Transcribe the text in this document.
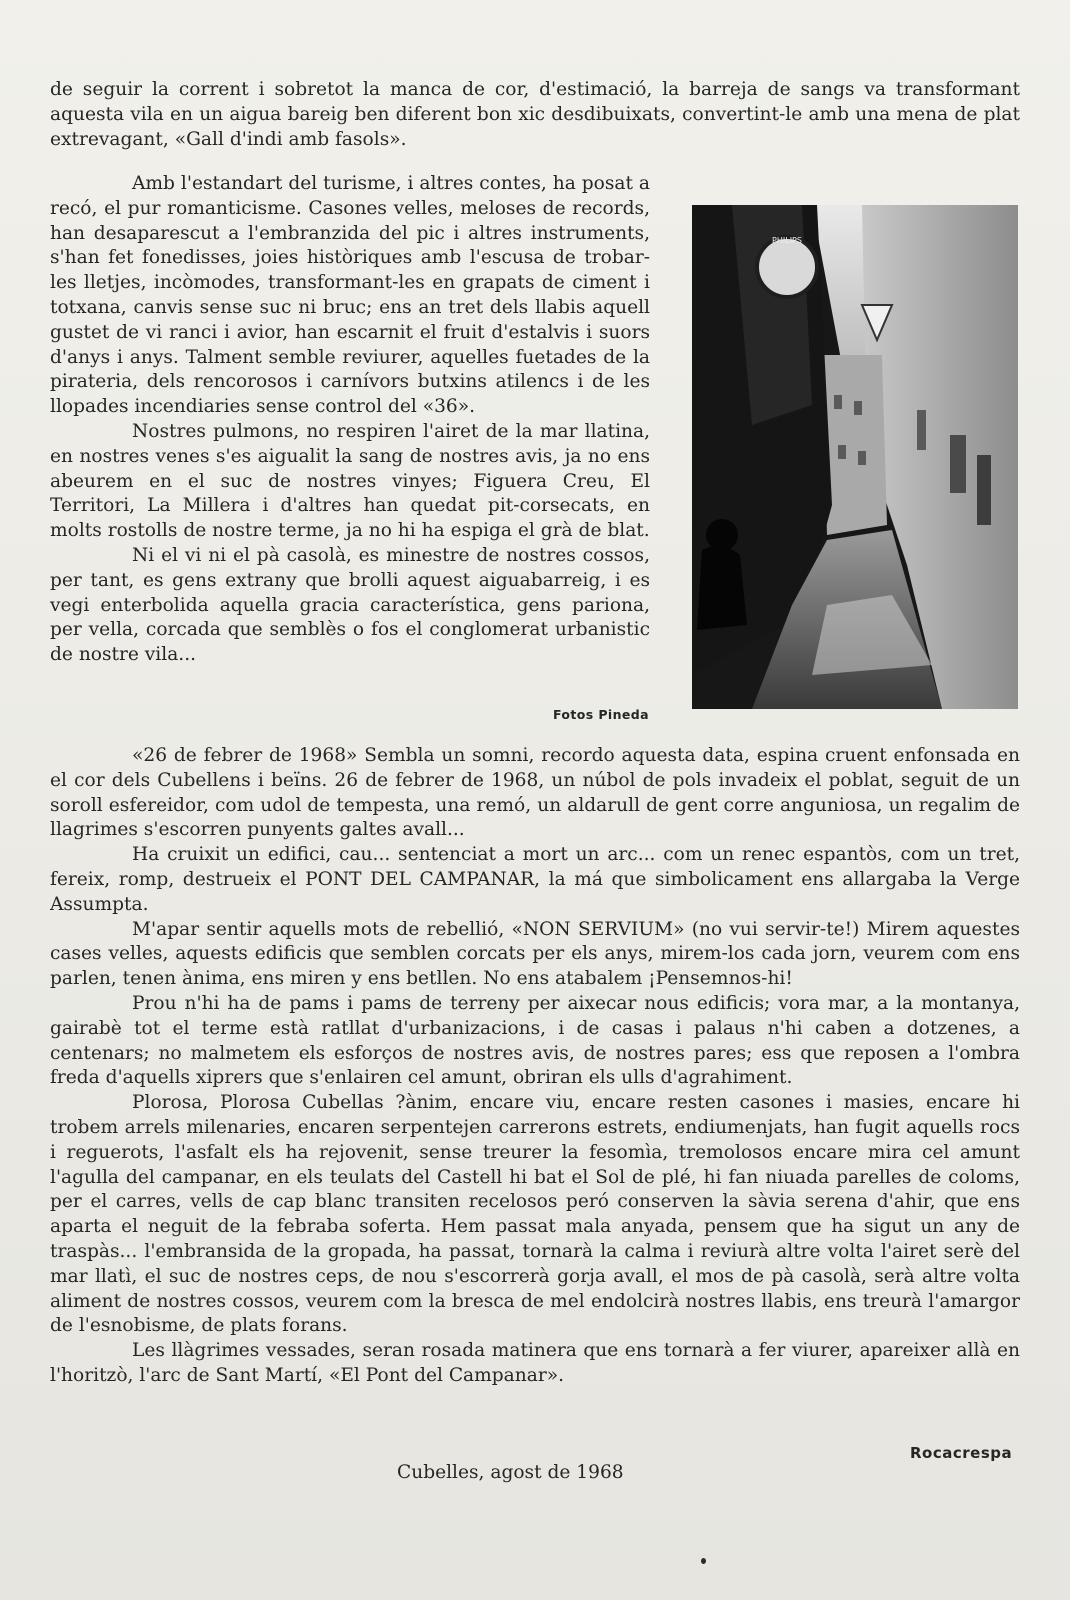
de seguir la corrent i sobretot la manca de cor, d'estimació, la barreja de sangs va transformant aquesta vila en un aigua bareig ben diferent bon xic desdibuixats, convertint-le amb una mena de plat extrevagant, «Gall d'indi amb fasols».

Amb l'estandart del turisme, i altres contes, ha posat a recó, el pur romanticisme. Casones velles, meloses de records, han desaparescut a l'embranzida del pic i altres instruments, s'han fet fonedisses, joies històriques amb l'escusa de trobar-les lletjes, incòmodes, transformant-les en grapats de ciment i totxana, canvis sense suc ni bruc; ens an tret dels llabis aquell gustet de vi ranci i avior, han escarnit el fruit d'estalvis i suors d'anys i anys. Talment semble reviurer, aquelles fuetades de la pirateria, dels rencorosos i carnívors butxins atilencs i de les llopades incendiaries sense control del «36».

Nostres pulmons, no respiren l'airet de la mar llatina, en nostres venes s'es aigualit la sang de nostres avis, ja no ens abeurem en el suc de nostres vinyes; Figuera Creu, El Territori, La Millera i d'altres han quedat pit-corsecats, en molts rostolls de nostre terme, ja no hi ha espiga el grà de blat.

Ni el vi ni el pà casolà, es minestre de nostres cossos, per tant, es gens extrany que brolli aquest aiguabarreig, i es vegi enterbolida aquella gracia característica, gens pariona, per vella, corcada que semblès o fos el conglomerat urbanistic de nostre vila...

PHILIPS
Fotos Pineda

«26 de febrer de 1968» Sembla un somni, recordo aquesta data, espina cruent enfonsada en el cor dels Cubellens i beïns. 26 de febrer de 1968, un núbol de pols invadeix el poblat, seguit de un soroll esfereidor, com udol de tempesta, una remó, un aldarull de gent corre anguniosa, un regalim de llagrimes s'escorren punyents galtes avall...

Ha cruixit un edifici, cau... sentenciat a mort un arc... com un renec espantòs, com un tret, fereix, romp, destrueix el PONT DEL CAMPANAR, la má que simbolicament ens allargaba la Verge Assumpta.

M'apar sentir aquells mots de rebellió, «NON SERVIUM» (no vui servir-te!) Mirem aquestes cases velles, aquests edificis que semblen corcats per els anys, mirem-los cada jorn, veurem com ens parlen, tenen ànima, ens miren y ens betllen. No ens atabalem ¡Pensemnos-hi!

Prou n'hi ha de pams i pams de terreny per aixecar nous edificis; vora mar, a la montanya, gairabè tot el terme està ratllat d'urbanizacions, i de casas i palaus n'hi caben a dotzenes, a centenars; no malmetem els esforços de nostres avis, de nostres pares; ess que reposen a l'ombra freda d'aquells xiprers que s'enlairen cel amunt, obriran els ulls d'agrahiment.

Plorosa, Plorosa Cubellas ?ànim, encare viu, encare resten casones i masies, encare hi trobem arrels milenaries, encaren serpentejen carrerons estrets, endiumenjats, han fugit aquells rocs i reguerots, l'asfalt els ha rejovenit, sense treurer la fesomìa, tremolosos encare mira cel amunt l'agulla del campanar, en els teulats del Castell hi bat el Sol de plé, hi fan niuada parelles de coloms, per el carres, vells de cap blanc transiten recelosos peró conserven la sàvia serena d'ahir, que ens aparta el neguit de la febraba soferta. Hem passat mala anyada, pensem que ha sigut un any de traspàs... l'embransida de la gropada, ha passat, tornarà la calma i reviurà altre volta l'airet serè del mar llatì, el suc de nostres ceps, de nou s'escorrerà gorja avall, el mos de pà casolà, serà altre volta aliment de nostres cossos, veurem com la bresca de mel endolcirà nostres llabis, ens treurà l'amargor de l'esnobisme, de plats forans.

Les llàgrimes vessades, seran rosada matinera que ens tornarà a fer viurer, apareixer allà en l'horitzò, l'arc de Sant Martí, «El Pont del Campanar».

Rocacrespa
Cubelles, agost de 1968
